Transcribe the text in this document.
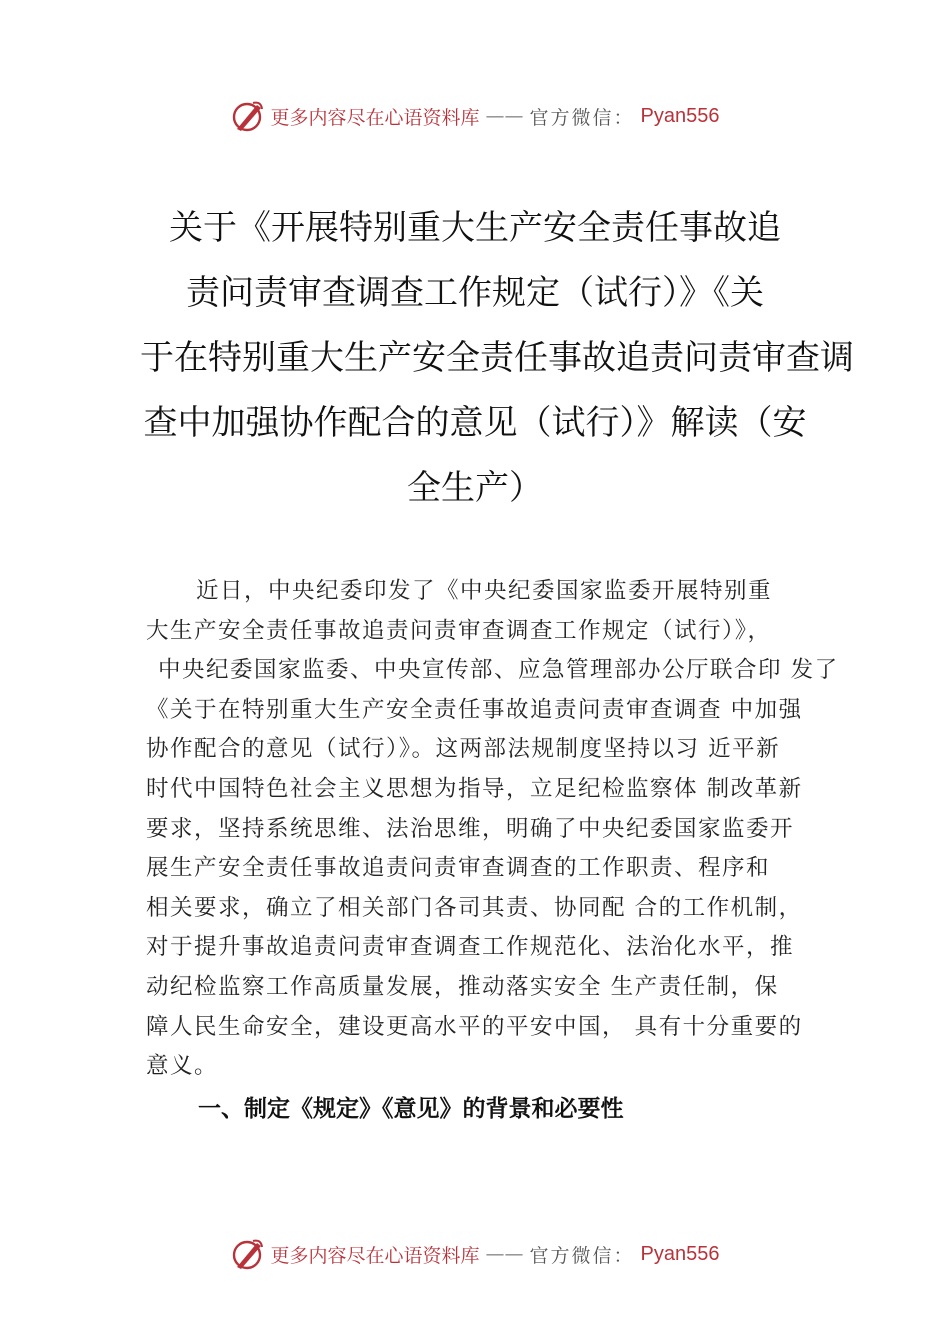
更多内容尽在心语资料库 —— 官方微信： Pyan556
关于《开展特别重大生产安全责任事故追
责问责审查调查工作规定（试行）》《关
于在特别重大生产安全责任事故追责问责审查调
查中加强协作配合的意见（试行）》解读（安
全生产）
近日，中央纪委印发了《中央纪委国家监委开展特别重
大生产安全责任事故追责问责审查调查工作规定（试行）》，
中央纪委国家监委、中央宣传部、应急管理部办公厅联合印 发了
《关于在特别重大生产安全责任事故追责问责审查调查 中加强
协作配合的意见（试行）》。这两部法规制度坚持以习 近平新
时代中国特色社会主义思想为指导，立足纪检监察体 制改革新
要求，坚持系统思维、法治思维，明确了中央纪委国家监委开
展生产安全责任事故追责问责审查调查的工作职责、程序和
相关要求，确立了相关部门各司其责、协同配 合的工作机制，
对于提升事故追责问责审查调查工作规范化、法治化水平，推
动纪检监察工作高质量发展，推动落实安全 生产责任制，保
障人民生命安全，建设更高水平的平安中国， 具有十分重要的
意义。
一、制定《规定》《意见》的背景和必要性
更多内容尽在心语资料库 —— 官方微信： Pyan556
